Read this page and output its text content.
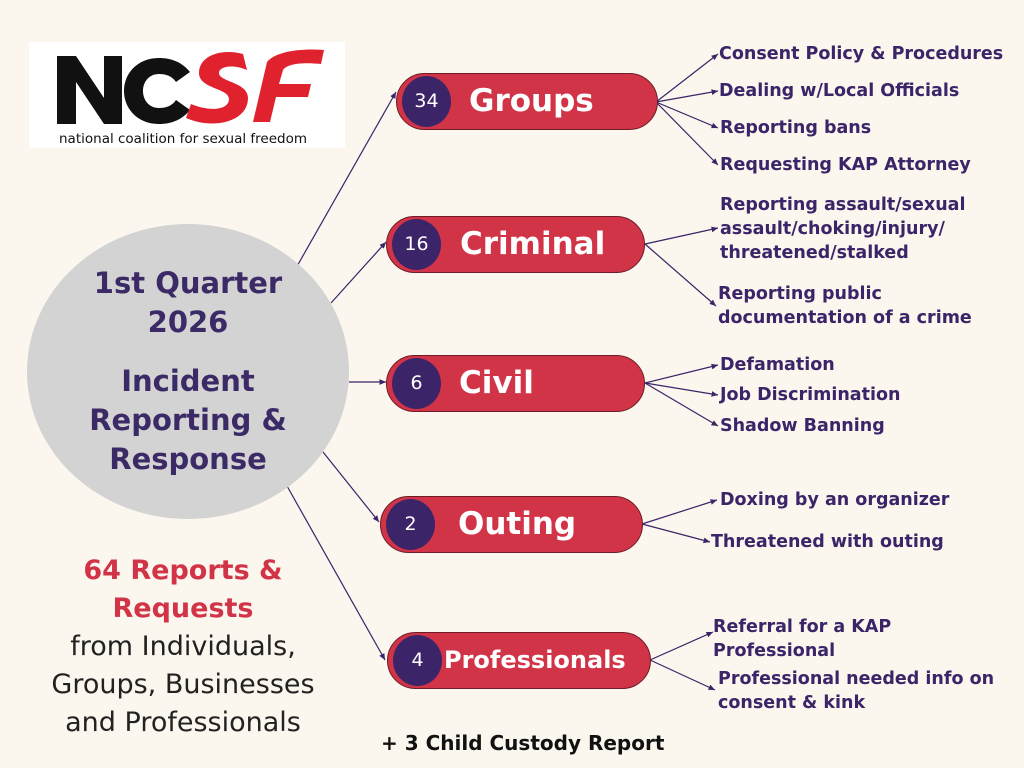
national coalition for sexual freedom
1st Quarter
2026
Incident
Reporting &
Response
34 Groups
16	Criminal
6	Civil
2	Outing
4 Professionals
Consent Policy & Procedures
Dealing w/Local Officials
Reporting bans
Requesting KAP Attorney
Reporting assault/sexual
assault/choking/injury/
threatened/stalked
Reporting public
documentation of a crime
Defamation
Job Discrimination
Shadow Banning
Doxing by an organizer
Threatened with outing
Referral for a KAP
Professional
Professional needed info on
consent & kink
64 Reports &
Requests
from Individuals,
Groups, Businesses
and Professionals
+ 3 Child Custody Report
